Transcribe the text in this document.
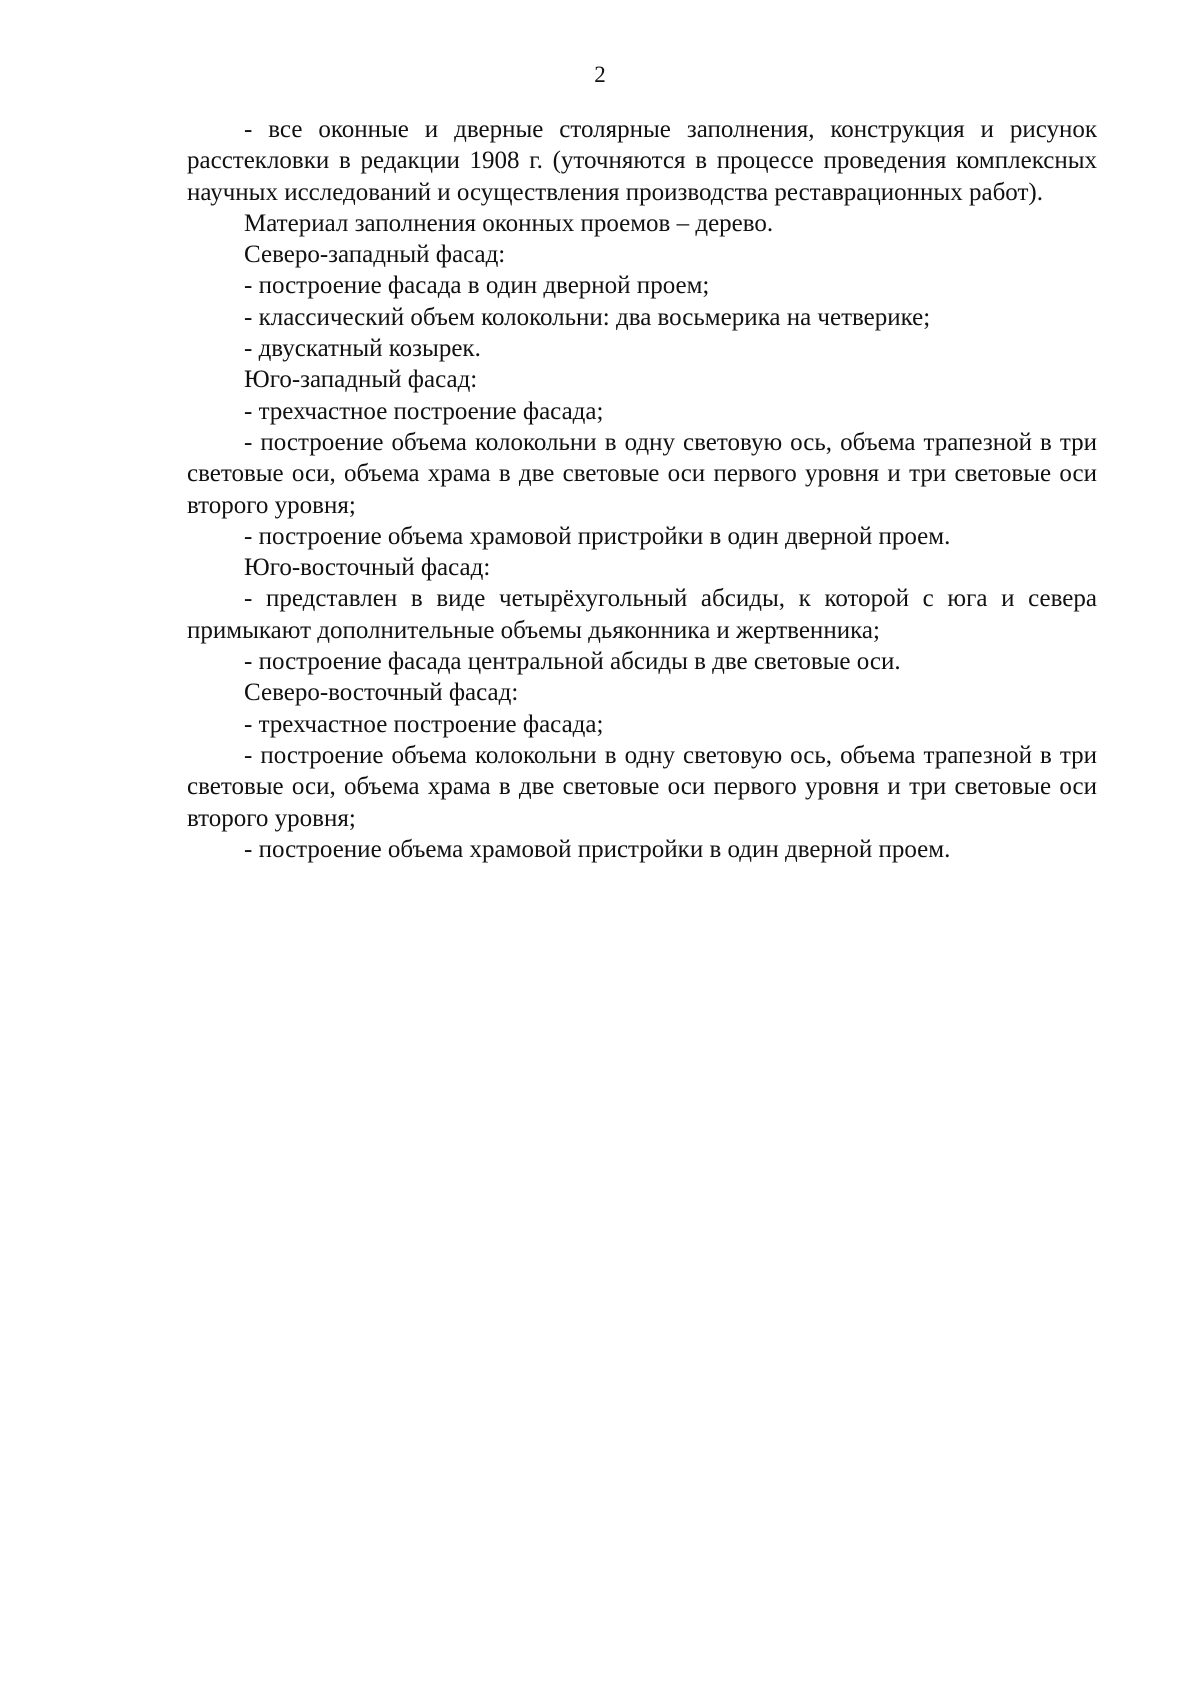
2

- все оконные и дверные столярные заполнения, конструкция и рисунок расстекловки в редакции 1908 г. (уточняются в процессе проведения комплексных научных исследований и осуществления производства реставрационных работ).

Материал заполнения оконных проемов – дерево.

Северо-западный фасад:

- построение фасада в один дверной проем;

- классический объем колокольни: два восьмерика на четверике;

- двускатный козырек.

Юго-западный фасад:

- трехчастное построение фасада;

- построение объема колокольни в одну световую ось, объема трапезной в три световые оси, объема храма в две световые оси первого уровня и три световые оси второго уровня;

- построение объема храмовой пристройки в один дверной проем.

Юго-восточный фасад:

- представлен в виде четырёхугольный абсиды, к которой с юга и севера примыкают дополнительные объемы дьяконника и жертвенника;

- построение фасада центральной абсиды в две световые оси.

Северо-восточный фасад:

- трехчастное построение фасада;

- построение объема колокольни в одну световую ось, объема трапезной в три световые оси, объема храма в две световые оси первого уровня и три световые оси второго уровня;

- построение объема храмовой пристройки в один дверной проем.
